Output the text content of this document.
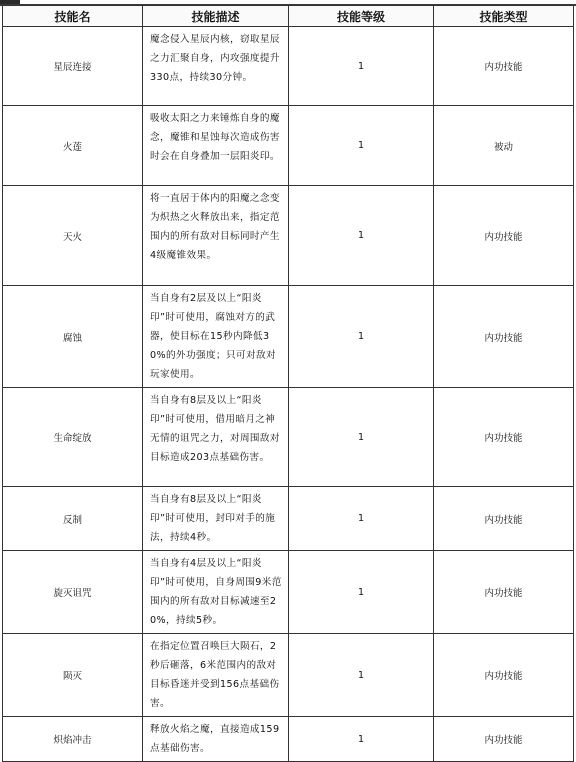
技能名	技能描述	技能等级	技能类型
星辰连接	魔念侵入星辰内核，窃取星辰之力汇聚自身，内攻强度提升330点，持续30分钟。	1	内功技能
火莲	吸收太阳之力来锤炼自身的魔念，魔锥和星蚀每次造成伤害时会在自身叠加一层阳炎印。	1	被动
天火	将一直居于体内的阳魔之念变为炽热之火释放出来，指定范围内的所有敌对目标同时产生4级魔锥效果。	1	内功技能
腐蚀	当自身有2层及以上“阳炎印”时可使用，腐蚀对方的武器，使目标在15秒内降低30%的外功强度；只可对敌对玩家使用。	1	内功技能
生命绽放	当自身有8层及以上“阳炎印”时可使用，借用暗月之神无情的诅咒之力，对周围敌对目标造成203点基础伤害。	1	内功技能
反制	当自身有8层及以上“阳炎印”时可使用，封印对手的施法，持续4秒。	1	内功技能
旋灭诅咒	当自身有4层及以上“阳炎印”时可使用，自身周围9米范围内的所有敌对目标减速至20%，持续5秒。	1	内功技能
陨灭	在指定位置召唤巨大陨石，2秒后砸落，6米范围内的敌对目标昏迷并受到156点基础伤害。	1	内功技能
炽焰冲击	释放火焰之魔，直接造成159点基础伤害。	1	内功技能
